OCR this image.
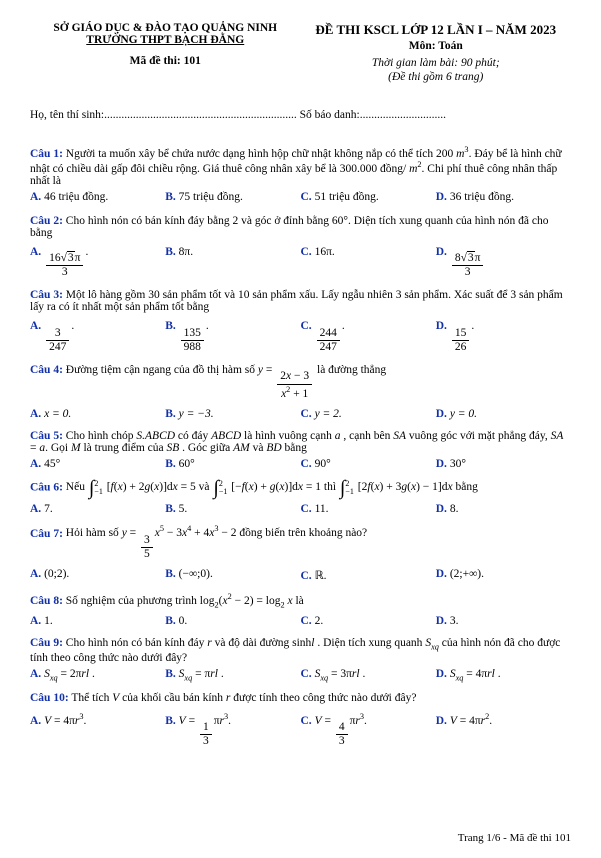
SỞ GIÁO DỤC & ĐÀO TẠO QUẢNG NINH
TRƯỜNG THPT BẠCH ĐẰNG
Mã đề thi: 101
ĐỀ THI KSCL LỚP 12 LẦN I – NĂM 2023
Môn: Toán
Thời gian làm bài: 90 phút;
(Đề thi gồm 6 trang)
Họ, tên thí sinh:................................................................... Số báo danh:..............................
Câu 1: Người ta muốn xây bể chứa nước dạng hình hộp chữ nhật không nắp có thể tích 200 $m^3$. Đáy bể là hình chữ nhật có chiều dài gấp đôi chiều rộng. Giá thuê công nhân xây bể là 300.000 đồng/ $m^2$. Chi phí thuê công nhân thấp nhất là
A. 46 triệu đồng.	B. 75 triệu đồng.	C. 51 triệu đồng.	D. 36 triệu đồng.
Câu 2: Cho hình nón có bán kính đáy bằng 2 và góc ở đỉnh bằng 60°. Diện tích xung quanh của hình nón đã cho bằng
A.
$\frac{16√3\pi}{3}$
.	B. 8π.	C. 16π.	D.
$\frac{8√3\pi}{3}$
Câu 3: Một lô hàng gồm 30 sản phẩm tốt và 10 sản phẩm xấu. Lấy ngẫu nhiên 3 sản phẩm. Xác suất để 3 sản phẩm lấy ra có ít nhất một sản phẩm tốt bằng
A.
$\frac{3}{247}$
.	B.
$\frac{135}{988}$
.	C.
$\frac{244}{247}$
.	D.
$\frac{15}{26}$
.
Câu 4: Đường tiệm cận ngang của đồ thị hàm số y =
$\frac{2x - 3}{x^2 + 1}$
là đường thẳng
A. x = 0.	B. y = −3.	C. y = 2.	D. y = 0.
Câu 5: Cho hình chóp S.ABCD có đáy ABCD là hình vuông cạnh a , cạnh bên SA vuông góc với mặt phẳng đáy, SA = a. Gọi M là trung điểm của SB . Góc giữa AM và BD bằng
A. 45°	B. 60°	C. 90°	D. 30°
Câu 6: Nếu ∫ 2
−1 [f(x) + 2g(x)]dx = 5 và ∫ 2
−1 [−f(x) + g(x)]dx = 1 thì ∫ 2
−1 [2f(x) + 3g(x) − 1]dx bằng
A. 7.	B. 5.	C. 11.	D. 8.
Câu 7: Hỏi hàm số y =
$\frac{3}{5}$
$x^5 - 3x^4 + 4x^3 - 2$ đồng biến trên khoảng nào?
A. (0;2).	B. (−∞;0).	C. ℝ.	D. (2;+∞).
Câu 8: Số nghiệm của phương trình $\log_2(x^2 - 2) = \log_2 x$ là
A. 1.	B. 0.	C. 2.	D. 3.
Câu 9: Cho hình nón có bán kính đáy r và độ dài đường sinhl . Diện tích xung quanh $S_{xq}$ của hình nón đã cho được tính theo công thức nào dưới đây?
A. $S_{xq} = 2\pi rl$ .	B. $S_{xq} = \pi rl$ .	C. $S_{xq} = 3\pi rl$ .	D. $S_{xq} = 4\pi rl$ .
Câu 10: Thể tích V của khối cầu bán kính r được tính theo công thức nào dưới đây?
A. $V = 4\pi r^3$.	B. V =
$\frac{1}{3}$
$\pi r^3$.	C. V =
$\frac{4}{3}$
$\pi r^3$.	D. $V = 4\pi r^2$.
Trang 1/6 - Mã đề thi 101
